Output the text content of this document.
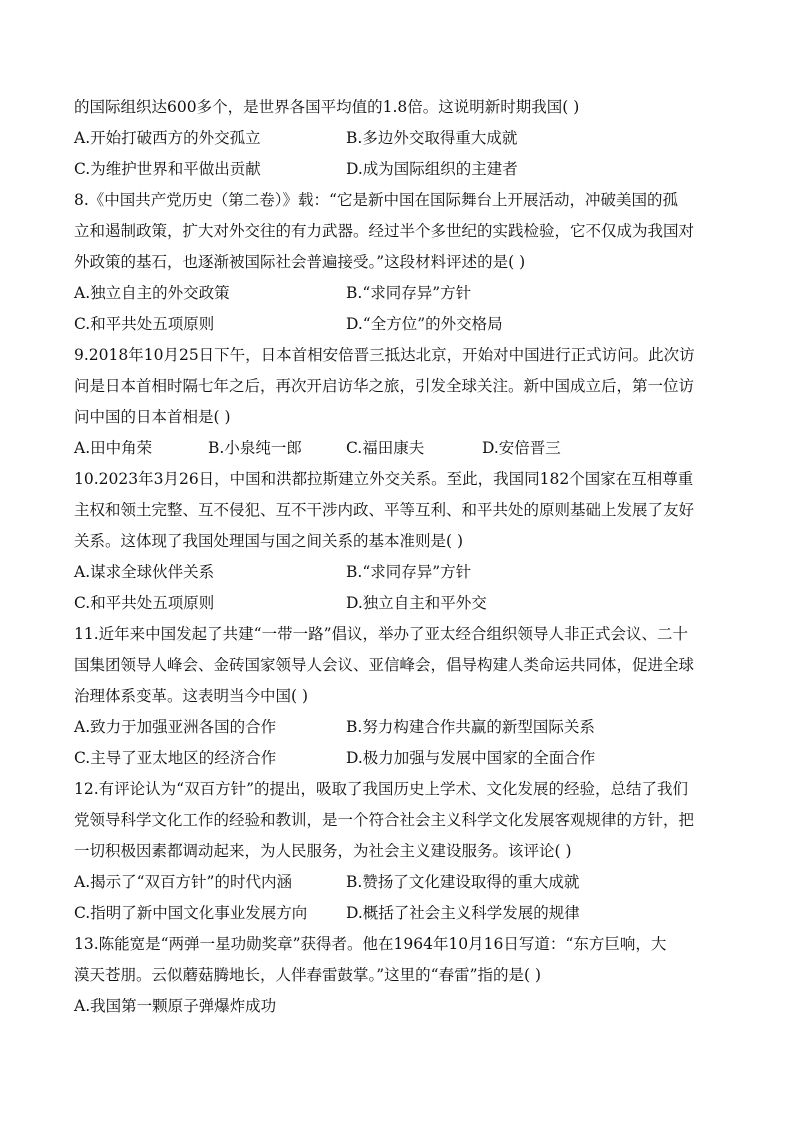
的国际组织达600多个，是世界各国平均值的1.8倍。这说明新时期我国( )
A.开始打破西方的外交孤立	B.多边外交取得重大成就
C.为维护世界和平做出贡献	D.成为国际组织的主建者
8.《中国共产党历史（第二卷）》载：“它是新中国在国际舞台上开展活动，冲破美国的孤
立和遏制政策，扩大对外交往的有力武器。经过半个多世纪的实践检验，它不仅成为我国对
外政策的基石，也逐渐被国际社会普遍接受。”这段材料评述的是( )
A.独立自主的外交政策	B.“求同存异”方针
C.和平共处五项原则	D.“全方位”的外交格局
9.2018年10月25日下午，日本首相安倍晋三抵达北京，开始对中国进行正式访问。此次访
问是日本首相时隔七年之后，再次开启访华之旅，引发全球关注。新中国成立后，第一位访
问中国的日本首相是( )
A.田中角荣	B.小泉纯一郎	C.福田康夫	D.安倍晋三
10.2023年3月26日，中国和洪都拉斯建立外交关系。至此，我国同182个国家在互相尊重
主权和领土完整、互不侵犯、互不干涉内政、平等互利、和平共处的原则基础上发展了友好
关系。这体现了我国处理国与国之间关系的基本准则是( )
A.谋求全球伙伴关系	B.“求同存异”方针
C.和平共处五项原则	D.独立自主和平外交
11.近年来中国发起了共建“一带一路”倡议，举办了亚太经合组织领导人非正式会议、二十
国集团领导人峰会、金砖国家领导人会议、亚信峰会，倡导构建人类命运共同体，促进全球
治理体系变革。这表明当今中国( )
A.致力于加强亚洲各国的合作	B.努力构建合作共赢的新型国际关系
C.主导了亚太地区的经济合作	D.极力加强与发展中国家的全面合作
12.有评论认为“双百方针”的提出，吸取了我国历史上学术、文化发展的经验，总结了我们
党领导科学文化工作的经验和教训，是一个符合社会主义科学文化发展客观规律的方针，把
一切积极因素都调动起来，为人民服务，为社会主义建设服务。该评论( )
A.揭示了“双百方针”的时代内涵	B.赞扬了文化建设取得的重大成就
C.指明了新中国文化事业发展方向	D.概括了社会主义科学发展的规律
13.陈能宽是“两弹一星功勋奖章”获得者。他在1964年10月16日写道：“东方巨响，大
漠天苍朋。云似蘑菇腾地长，人伴春雷鼓掌。”这里的“春雷”指的是( )
A.我国第一颗原子弹爆炸成功
